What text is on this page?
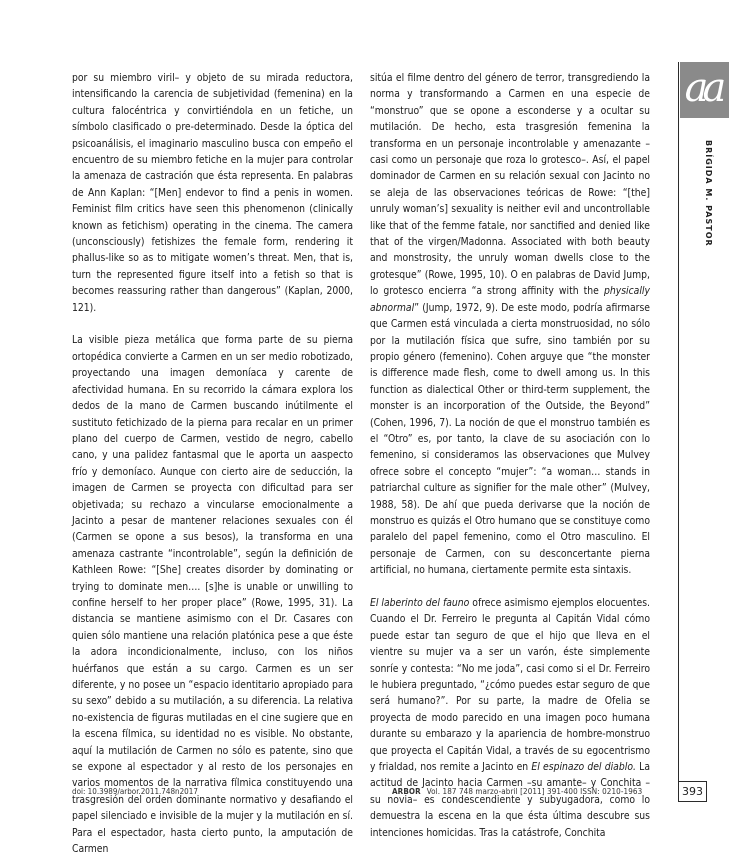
por su miembro viril– y objeto de su mirada reductora, intensificando la carencia de subjetividad (femenina) en la cultura falocéntrica y convirtiéndola en un fetiche, un símbolo clasificado o pre-determinado. Desde la óptica del psicoanálisis, el imaginario masculino busca con empeño el encuentro de su miembro fetiche en la mujer para controlar la amenaza de castración que ésta representa. En palabras de Ann Kaplan: “[Men] endevor to find a penis in women. Feminist film critics have seen this phenomenon (clinically known as fetichism) operating in the cinema. The camera (unconsciously) fetishizes the female form, rendering it phallus-like so as to mitigate women’s threat. Men, that is, turn the represented figure itself into a fetish so that is becomes reassuring rather than dangerous” (Kaplan, 2000, 121).

La visible pieza metálica que forma parte de su pierna ortopédica convierte a Carmen en un ser medio robotizado, proyectando una imagen demoníaca y carente de afectividad humana. En su recorrido la cámara explora los dedos de la mano de Carmen buscando inútilmente el sustituto fetichizado de la pierna para recalar en un primer plano del cuerpo de Carmen, vestido de negro, cabello cano, y una palidez fantasmal que le aporta un aaspecto frío y demoníaco. Aunque con cierto aire de seducción, la imagen de Carmen se proyecta con dificultad para ser objetivada; su rechazo a vincularse emocionalmente a Jacinto a pesar de mantener relaciones sexuales con él (Carmen se opone a sus besos), la transforma en una amenaza castrante “incontrolable”, según la definición de Kathleen Rowe: “[She] creates disorder by dominating or trying to dominate men…. [s]he is unable or unwilling to confine herself to her proper place” (Rowe, 1995, 31). La distancia se mantiene asimismo con el Dr. Casares con quien sólo mantiene una relación platónica pese a que éste la adora incondicionalmente, incluso, con los niños huérfanos que están a su cargo. Carmen es un ser diferente, y no posee un “espacio identitario apropiado para su sexo” debido a su mutilación, a su diferencia. La relativa no-existencia de figuras mutiladas en el cine sugiere que en la escena fílmica, su identidad no es visible. No obstante, aquí la mutilación de Carmen no sólo es patente, sino que se expone al espectador y al resto de los personajes en varios momentos de la narrativa fílmica constituyendo una trasgresión del orden dominante normativo y desafiando el papel silenciado e invisible de la mujer y la mutilación en sí. Para el espectador, hasta cierto punto, la amputación de Carmen

sitúa el filme dentro del género de terror, transgrediendo la norma y transformando a Carmen en una especie de “monstruo” que se opone a esconderse y a ocultar su mutilación. De hecho, esta trasgresión femenina la transforma en un personaje incontrolable y amenazante –casi como un personaje que roza lo grotesco–. Así, el papel dominador de Carmen en su relación sexual con Jacinto no se aleja de las observaciones teóricas de Rowe: “[the] unruly woman’s] sexuality is neither evil and uncontrollable like that of the femme fatale, nor sanctified and denied like that of the virgen/Madonna. Associated with both beauty and monstrosity, the unruly woman dwells close to the grotesque” (Rowe, 1995, 10). O en palabras de David Jump, lo grotesco encierra “a strong affinity with the physically abnormal” (Jump, 1972, 9). De este modo, podría afirmarse que Carmen está vinculada a cierta monstruosidad, no sólo por la mutilación física que sufre, sino también por su propio género (femenino). Cohen arguye que “the monster is difference made flesh, come to dwell among us. In this function as dialectical Other or third-term supplement, the monster is an incorporation of the Outside, the Beyond” (Cohen, 1996, 7). La noción de que el monstruo también es el “Otro” es, por tanto, la clave de su asociación con lo femenino, si consideramos las observaciones que Mulvey ofrece sobre el concepto “mujer”: “a woman… stands in patriarchal culture as signifier for the male other” (Mulvey, 1988, 58). De ahí que pueda derivarse que la noción de monstruo es quizás el Otro humano que se constituye como paralelo del papel femenino, como el Otro masculino. El personaje de Carmen, con su desconcertante pierna artificial, no humana, ciertamente permite esta sintaxis.

El laberinto del fauno ofrece asimismo ejemplos elocuentes. Cuando el Dr. Ferreiro le pregunta al Capitán Vidal cómo puede estar tan seguro de que el hijo que lleva en el vientre su mujer va a ser un varón, éste simplemente sonríe y contesta: “No me joda”, casi como si el Dr. Ferreiro le hubiera preguntado, “¿cómo puedes estar seguro de que será humano?”. Por su parte, la madre de Ofelia se proyecta de modo parecido en una imagen poco humana durante su embarazo y la apariencia de hombre-monstruo que proyecta el Capitán Vidal, a través de su egocentrismo y frialdad, nos remite a Jacinto en El espinazo del diablo. La actitud de Jacinto hacia Carmen –su amante– y Conchita –su novia– es condescendiente y subyugadora, como lo demuestra la escena en la que ésta última descubre sus intenciones homicidas. Tras la catástrofe, Conchita

aa
BRÍGIDA M. PASTOR
doi: 10.3989/arbor.2011.748n2017	ARBOR Vol. 187 748 marzo-abril [2011] 391-400 ISSN: 0210-1963	393
